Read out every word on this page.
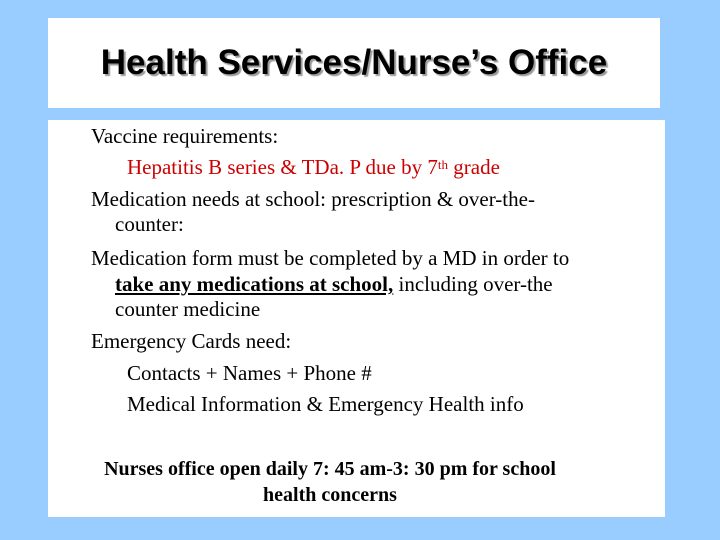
Health Services/Nurse’s Office

Vaccine requirements:

Hepatitis B series & TDa. P due by 7th grade

Medication needs at school: prescription & over-the-

counter:

Medication form must be completed by a MD in order to

take any medications at school, including over-the

counter medicine

Emergency Cards need:

Contacts + Names + Phone #

Medical Information & Emergency Health info

Nurses office open daily 7: 45 am-3: 30 pm for school
health concerns
